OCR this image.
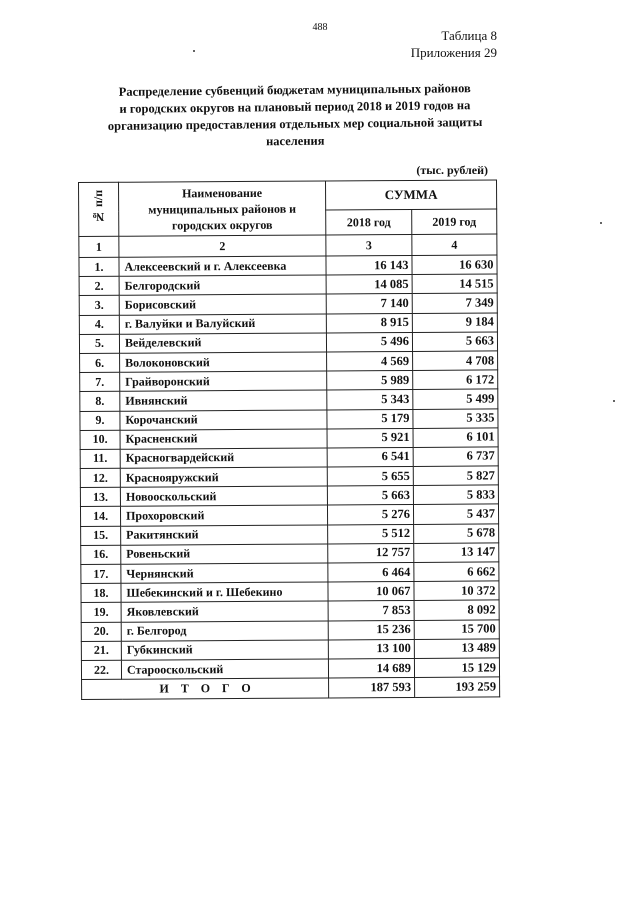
488
Таблица 8
Приложения 29
Распределение субвенций бюджетам муниципальных районов
и городских округов на плановый период 2018 и 2019 годов на
организацию предоставления отдельных мер социальной защиты
населения
(тыс. рублей)
№ п/п	Наименование муниципальных районов и городских округов	СУММА	
		2018 год	2019 год
1	2	3	4
1.	Алексеевский и г. Алексеевка	16 143	16 630
2.	Белгородский	14 085	14 515
3.	Борисовский	7 140	7 349
4.	г. Валуйки и Валуйский	8 915	9 184
5.	Вейделевский	5 496	5 663
6.	Волоконовский	4 569	4 708
7.	Грайворонский	5 989	6 172
8.	Ивнянский	5 343	5 499
9.	Корочанский	5 179	5 335
10.	Красненский	5 921	6 101
11.	Красногвардейский	6 541	6 737
12.	Краснояружский	5 655	5 827
13.	Новооскольский	5 663	5 833
14.	Прохоровский	5 276	5 437
15.	Ракитянский	5 512	5 678
16.	Ровеньский	12 757	13 147
17.	Чернянский	6 464	6 662
18.	Шебекинский и г. Шебекино	10 067	10 372
19.	Яковлевский	7 853	8 092
20.	г. Белгород	15 236	15 700
21.	Губкинский	13 100	13 489
22.	Старооскольский	14 689	15 129
ИТОГО		187 593	193 259
